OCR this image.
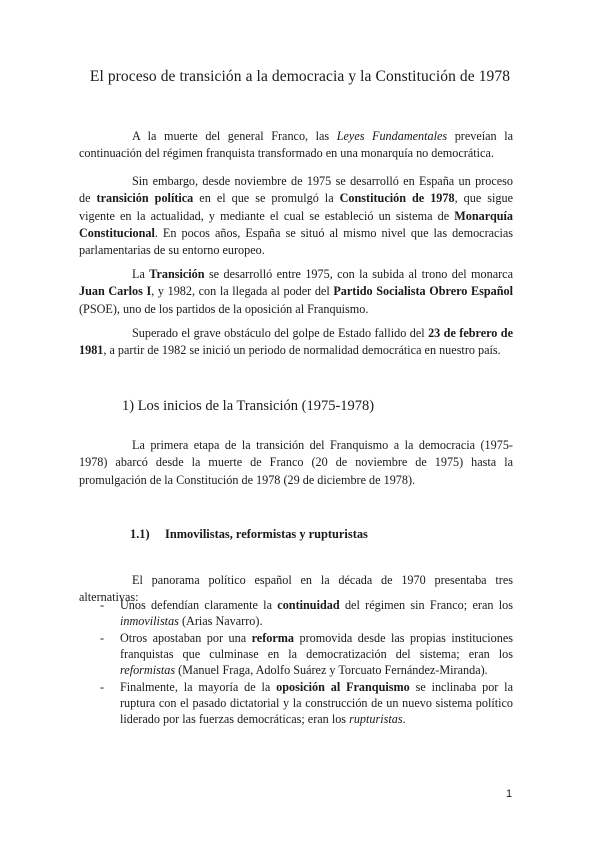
El proceso de transición a la democracia y la Constitución de 1978

A la muerte del general Franco, las Leyes Fundamentales preveían la continuación del régimen franquista transformado en una monarquía no democrática.

Sin embargo, desde noviembre de 1975 se desarrolló en España un proceso de transición política en el que se promulgó la Constitución de 1978, que sigue vigente en la actualidad, y mediante el cual se estableció un sistema de Monarquía Constitucional. En pocos años, España se situó al mismo nivel que las democracias parlamentarias de su entorno europeo.

La Transición se desarrolló entre 1975, con la subida al trono del monarca Juan Carlos I, y 1982, con la llegada al poder del Partido Socialista Obrero Español (PSOE), uno de los partidos de la oposición al Franquismo.

Superado el grave obstáculo del golpe de Estado fallido del 23 de febrero de 1981, a partir de 1982 se inició un periodo de normalidad democrática en nuestro país.

1) Los inicios de la Transición (1975-1978)

La primera etapa de la transición del Franquismo a la democracia (1975-1978) abarcó desde la muerte de Franco (20 de noviembre de 1975) hasta la promulgación de la Constitución de 1978 (29 de diciembre de 1978).

1.1) Inmovilistas, reformistas y rupturistas

El panorama político español en la década de 1970 presentaba tres alternativas:

- Unos defendían claramente la continuidad del régimen sin Franco; eran los inmovilistas (Arias Navarro).
- Otros apostaban por una reforma promovida desde las propias instituciones franquistas que culminase en la democratización del sistema; eran los reformistas (Manuel Fraga, Adolfo Suárez y Torcuato Fernández-Miranda).
- Finalmente, la mayoría de la oposición al Franquismo se inclinaba por la ruptura con el pasado dictatorial y la construcción de un nuevo sistema político liderado por las fuerzas democráticas; eran los rupturistas.
1
